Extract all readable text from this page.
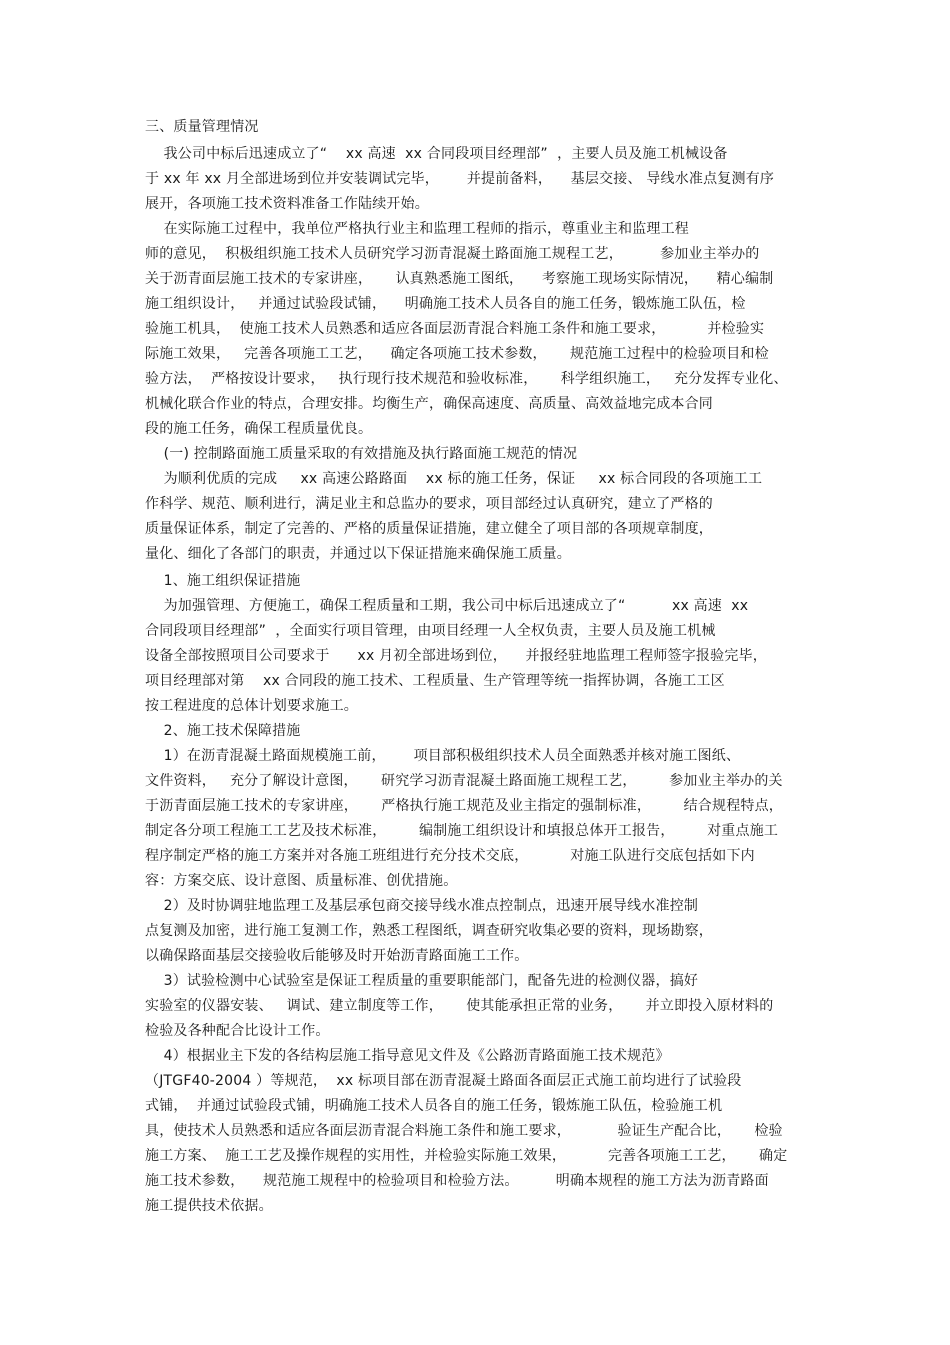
三、质量管理情况
我公司中标后迅速成立了“    xx 高速  xx 合同段项目经理部”  ，主要人员及施工机械设备
于 xx 年 xx 月全部进场到位并安装调试完毕，      并提前备料，    基层交接、 导线水准点复测有序
展开，各项施工技术资料准备工作陆续开始。
在实际施工过程中，我单位严格执行业主和监理工程师的指示，尊重业主和监理工程
师的意见，  积极组织施工技术人员研究学习沥青混凝土路面施工规程工艺，        参加业主举办的
关于沥青面层施工技术的专家讲座，     认真熟悉施工图纸，    考察施工现场实际情况，    精心编制
施工组织设计，   并通过试验段试铺，    明确施工技术人员各自的施工任务，锻炼施工队伍，检
验施工机具，  使施工技术人员熟悉和适应各面层沥青混合料施工条件和施工要求，         并检验实
际施工效果，   完善各项施工工艺，    确定各项施工技术参数，     规范施工过程中的检验项目和检
验方法，  严格按设计要求，   执行现行技术规范和验收标准，     科学组织施工，   充分发挥专业化、
机械化联合作业的特点，合理安排。均衡生产，确保高速度、高质量、高效益地完成本合同
段的施工任务，确保工程质量优良。
(一) 控制路面施工质量采取的有效措施及执行路面施工规范的情况
为顺利优质的完成     xx 高速公路路面    xx 标的施工任务，保证     xx 标合同段的各项施工工
作科学、规范、顺利进行，满足业主和总监办的要求，项目部经过认真研究，建立了严格的
质量保证体系，制定了完善的、严格的质量保证措施，建立健全了项目部的各项规章制度，
量化、细化了各部门的职责，并通过以下保证措施来确保施工质量。
1、施工组织保证措施
为加强管理、方便施工，确保工程质量和工期，我公司中标后迅速成立了“          xx 高速  xx
合同段项目经理部”  ，全面实行项目管理，由项目经理一人全权负责，主要人员及施工机械
设备全部按照项目公司要求于      xx 月初全部进场到位，    并报经驻地监理工程师签字报验完毕，
项目经理部对第    xx 合同段的施工技术、工程质量、生产管理等统一指挥协调，各施工工区
按工程进度的总体计划要求施工。
2、施工技术保障措施
1）在沥青混凝土路面规模施工前，      项目部积极组织技术人员全面熟悉并核对施工图纸、
文件资料，   充分了解设计意图，     研究学习沥青混凝土路面施工规程工艺，       参加业主举办的关
于沥青面层施工技术的专家讲座，     严格执行施工规范及业主指定的强制标准，       结合规程特点，
制定各分项工程施工工艺及技术标准，       编制施工组织设计和填报总体开工报告，       对重点施工
程序制定严格的施工方案并对各施工班组进行充分技术交底，         对施工队进行交底包括如下内
容：方案交底、设计意图、质量标准、创优措施。
2）及时协调驻地监理工及基层承包商交接导线水准点控制点，迅速开展导线水准控制
点复测及加密，进行施工复测工作，熟悉工程图纸，调查研究收集必要的资料，现场勘察，
以确保路面基层交接验收后能够及时开始沥青路面施工工作。
3）试验检测中心试验室是保证工程质量的重要职能部门，配备先进的检测仪器，搞好
实验室的仪器安装、   调试、建立制度等工作，     使其能承担正常的业务，     并立即投入原材料的
检验及各种配合比设计工作。
4）根据业主下发的各结构层施工指导意见文件及《公路沥青路面施工技术规范》
（JTGF40-2004 ）等规范，  xx 标项目部在沥青混凝土路面各面层正式施工前均进行了试验段
式铺，  并通过试验段式铺，明确施工技术人员各自的施工任务，锻炼施工队伍，检验施工机
具，使技术人员熟悉和适应各面层沥青混合料施工条件和施工要求，          验证生产配合比，     检验
施工方案、  施工工艺及操作规程的实用性，并检验实际施工效果，         完善各项施工工艺，     确定
施工技术参数，    规范施工规程中的检验项目和检验方法。        明确本规程的施工方法为沥青路面
施工提供技术依据。
